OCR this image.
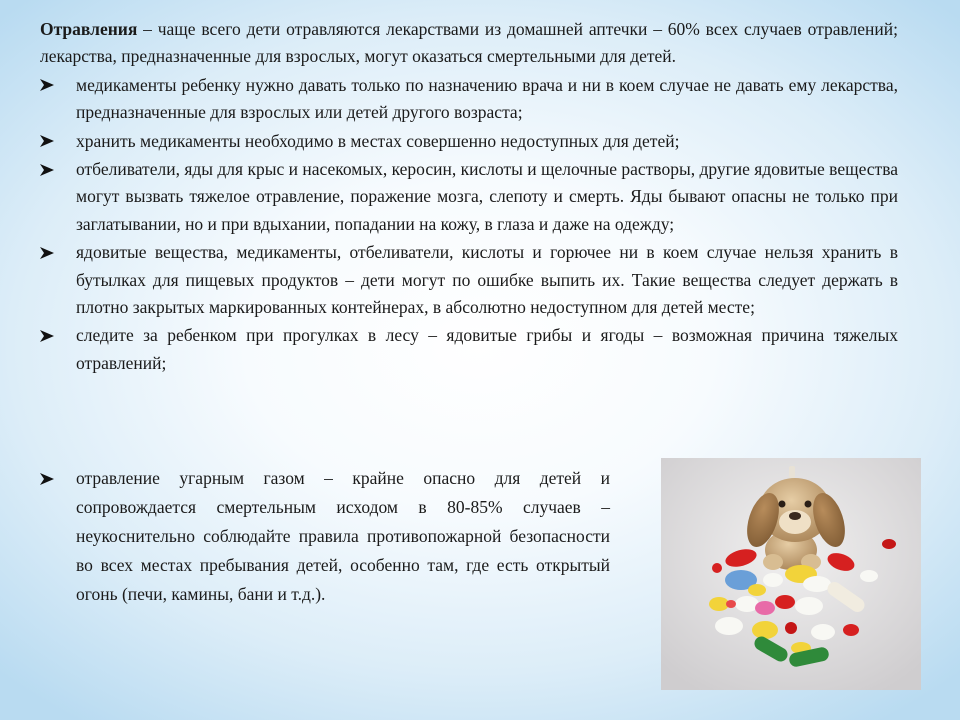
Отравления – чаще всего дети отравляются лекарствами из домашней аптечки – 60% всех случаев отравлений; лекарства, предназначенные для взрослых, могут оказаться смертельными для детей.

медикаменты ребенку нужно давать только по назначению врача и ни в коем случае не давать ему лекарства, предназначенные для взрослых или детей другого возраста;
хранить медикаменты необходимо в местах совершенно недоступных для детей;
отбеливатели, яды для крыс и насекомых, керосин, кислоты и щелочные растворы, другие ядовитые вещества могут вызвать тяжелое отравление, поражение мозга, слепоту и смерть. Яды бывают опасны не только при заглатывании, но и при вдыхании, попадании на кожу, в глаза и даже на одежду;
ядовитые вещества, медикаменты, отбеливатели, кислоты и горючее ни в коем случае нельзя хранить в бутылках для пищевых продуктов – дети могут по ошибке выпить их. Такие вещества следует держать в плотно закрытых маркированных контейнерах, в абсолютно недоступном для детей месте;
следите за ребенком при прогулках в лесу – ядовитые грибы и ягоды – возможная причина тяжелых отравлений;
отравление угарным газом – крайне опасно для детей и сопровождается смертельным исходом в 80-85% случаев – неукоснительно соблюдайте правила противопожарной безопасности во всех местах пребывания детей, особенно там, где есть открытый огонь (печи, камины, бани и т.д.).
